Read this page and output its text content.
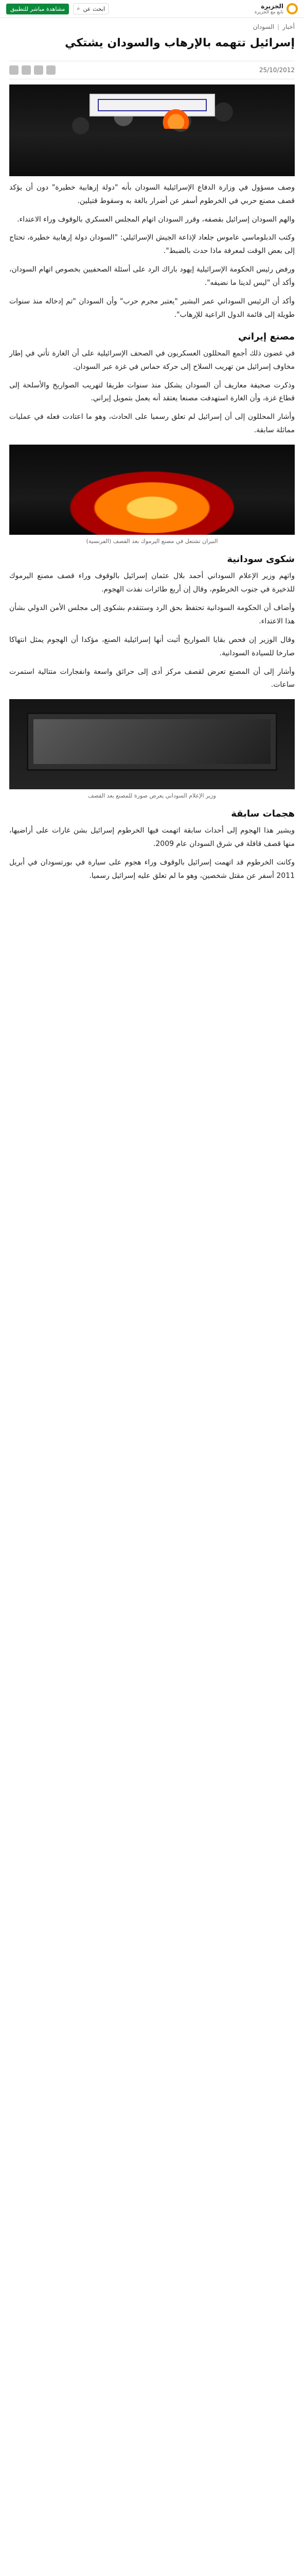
مشاهدة مباشر للتطبيق	⌕ ابحث عن	الجزيرة
تابع مع الجزيرة
أخبار
|
السودان
إسرائيل تتهمه بالإرهاب والسودان يشتكي
25/10/2012

وصف مسؤول في وزارة الدفاع الإسرائيلية السودان بأنه "دولة إرهابية خطيرة" دون أن يؤكد قصف مصنع حربي في الخرطوم أسفر عن أضرار بالغة به وسقوط قتيلين.

والهم السودان إسرائيل بقصفه، وقرر السودان اتهام المجلس العسكري بالوقوف وراء الاعتداء.

وكتب الدبلوماسي عاموس جلعاد لإذاعة الجيش الإسرائيلي: "السودان دولة إرهابية خطيرة، تحتاج إلى بعض الوقت لمعرفة ماذا حدث بالضبط".

ورفض رئيس الحكومة الإسرائيلية إيهود باراك الرد على أسئلة الصحفيين بخصوص اتهام السودان، وأكد أن "ليس لدينا ما نضيفه".

وأكد أن الرئيس السوداني عمر البشير "يعتبر مجرم حرب" وأن السودان "تم إدخاله منذ سنوات طويلة إلى قائمة الدول الراعية للإرهاب".

مصنع إيراني

في غضون ذلك أجمع المحللون العسكريون في الصحف الإسرائيلية على أن الغارة تأتي في إطار مخاوف إسرائيل من تهريب السلاح إلى حركة حماس في غزة عبر السودان.

وذكرت صحيفة معاريف أن السودان يشكل منذ سنوات طريقا لتهريب الصواريخ والأسلحة إلى قطاع غزة، وأن الغارة استهدفت مصنعا يعتقد أنه يعمل بتمويل إيراني.

وأشار المحللون إلى أن إسرائيل لم تعلق رسميا على الحادث، وهو ما اعتادت فعله في عمليات مماثلة سابقة.

النيران تشتعل في مصنع اليرموك بعد القصف (الفرنسية)
شكوى سودانية

واتهم وزير الإعلام السوداني أحمد بلال عثمان إسرائيل بالوقوف وراء قصف مصنع اليرموك للذخيرة في جنوب الخرطوم، وقال إن أربع طائرات نفذت الهجوم.

وأضاف أن الحكومة السودانية تحتفظ بحق الرد وستتقدم بشكوى إلى مجلس الأمن الدولي بشأن هذا الاعتداء.

وقال الوزير إن فحص بقايا الصواريخ أثبت أنها إسرائيلية الصنع، مؤكدا أن الهجوم يمثل انتهاكا صارخا للسيادة السودانية.

وأشار إلى أن المصنع تعرض لقصف مركز أدى إلى حرائق واسعة وانفجارات متتالية استمرت ساعات.

وزير الإعلام السوداني يعرض صورة للمصنع بعد القصف
هجمات سابقة

ويشير هذا الهجوم إلى أحداث سابقة اتهمت فيها الخرطوم إسرائيل بشن غارات على أراضيها، منها قصف قافلة في شرق السودان عام 2009.

وكانت الخرطوم قد اتهمت إسرائيل بالوقوف وراء هجوم على سيارة في بورتسودان في أبريل 2011 أسفر عن مقتل شخصين، وهو ما لم تعلق عليه إسرائيل رسميا.
